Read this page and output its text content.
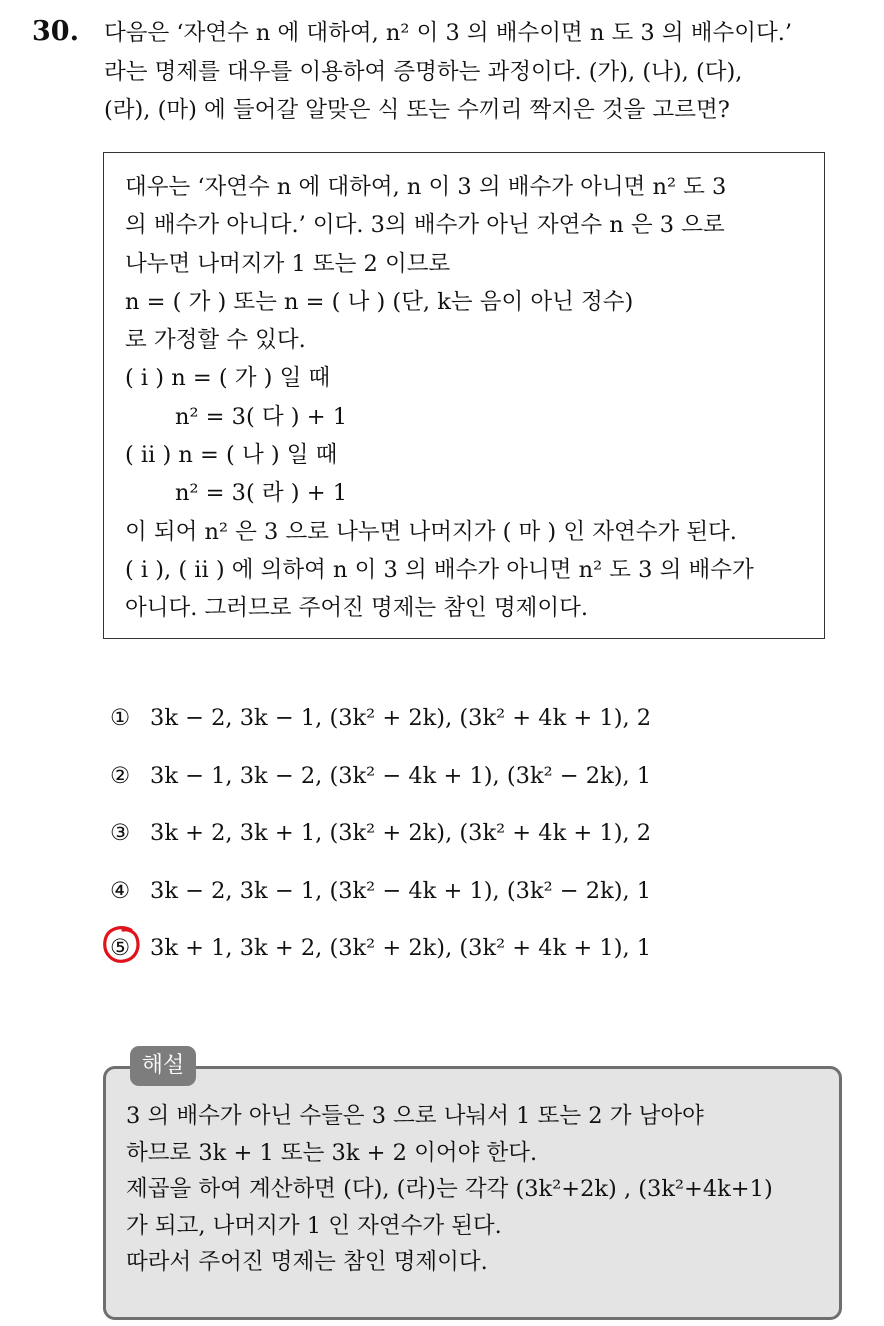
30. 다음은 ‘자연수 n 에 대하여, n² 이 3 의 배수이면 n 도 3 의 배수이다.’
라는 명제를 대우를 이용하여 증명하는 과정이다. (가), (나), (다),
(라), (마) 에 들어갈 알맞은 식 또는 수끼리 짝지은 것을 고르면?
대우는 ‘자연수 n 에 대하여, n 이 3 의 배수가 아니면 n² 도 3
의 배수가 아니다.’ 이다. 3의 배수가 아닌 자연수 n 은 3 으로
나누면 나머지가 1 또는 2 이므로
n = ( 가 ) 또는 n = ( 나 ) (단, k는 음이 아닌 정수)
로 가정할 수 있다.
( i ) n = ( 가 ) 일 때
n² = 3( 다 ) + 1
( ii ) n = ( 나 ) 일 때
n² = 3( 라 ) + 1
이 되어 n² 은 3 으로 나누면 나머지가 ( 마 ) 인 자연수가 된다.
( i ), ( ii ) 에 의하여 n 이 3 의 배수가 아니면 n² 도 3 의 배수가
아니다. 그러므로 주어진 명제는 참인 명제이다.
① 3k − 2, 3k − 1, (3k² + 2k), (3k² + 4k + 1), 2
② 3k − 1, 3k − 2, (3k² − 4k + 1), (3k² − 2k), 1
③ 3k + 2, 3k + 1, (3k² + 2k), (3k² + 4k + 1), 2
④ 3k − 2, 3k − 1, (3k² − 4k + 1), (3k² − 2k), 1
⑤ 3k + 1, 3k + 2, (3k² + 2k), (3k² + 4k + 1), 1
해설
3 의 배수가 아닌 수들은 3 으로 나눠서 1 또는 2 가 남아야
하므로 3k + 1 또는 3k + 2 이어야 한다.
제곱을 하여 계산하면 (다), (라)는 각각 (3k²+2k) , (3k²+4k+1)
가 되고, 나머지가 1 인 자연수가 된다.
따라서 주어진 명제는 참인 명제이다.
